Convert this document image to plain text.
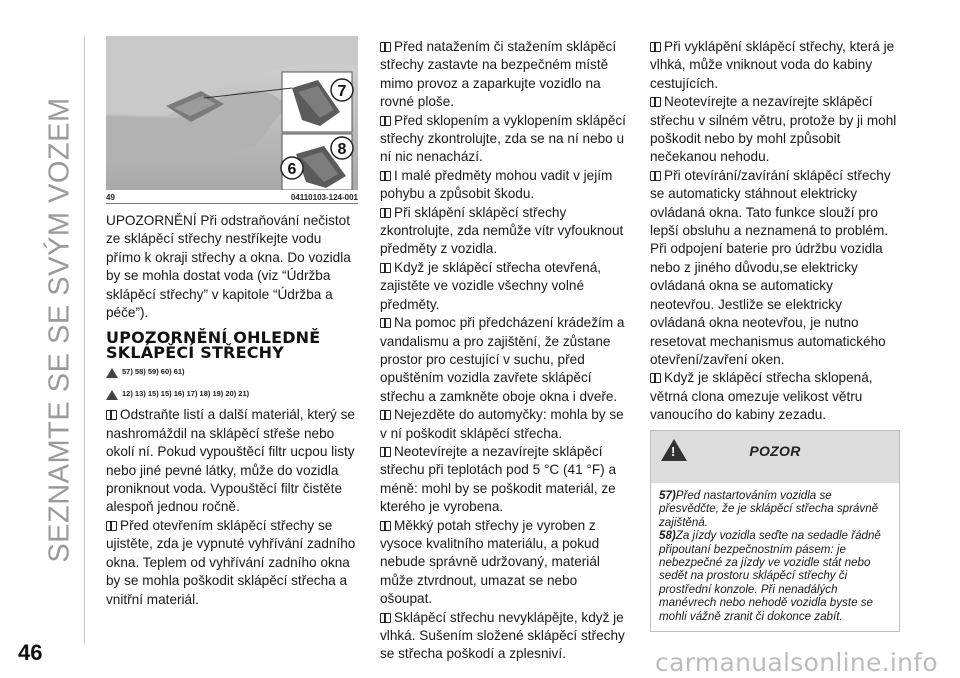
SEZNAMTE SE SE SVÝM VOZEM
7
6
8
49	04110103-124-001

UPOZORNĚNÍ Při odstraňování nečistot ze sklápěcí střechy nestříkejte vodu přímo k okraji střechy a okna. Do vozidla by se mohla dostat voda (viz “Údržba sklápěcí střechy” v kapitole “Údržba a péče”).

UPOZORNĚNÍ OHLEDNĚ SKLÁPĚCÍ STŘECHY
57) 58) 59) 60) 61)
12) 13) 15) 15) 16) 17) 18) 19) 20) 21)

Odstraňte listí a další materiál, který se nashromáždil na sklápěcí střeše nebo okolí ní. Pokud vypouštěcí filtr ucpou listy nebo jiné pevné látky, může do vozidla proniknout voda. Vypouštěcí filtr čistěte alespoň jednou ročně.

Před otevřením sklápěcí střechy se ujistěte, zda je vypnuté vyhřívání zadního okna. Teplem od vyhřívání zadního okna by se mohla poškodit sklápěcí střecha a vnitřní materiál.

Před natažením či stažením sklápěcí střechy zastavte na bezpečném místě mimo provoz a zaparkujte vozidlo na rovné ploše.

Před sklopením a vyklopením sklápěcí střechy zkontrolujte, zda se na ní nebo u ní nic nenachází.

I malé předměty mohou vadit v jejím pohybu a způsobit škodu.

Při sklápění sklápěcí střechy zkontrolujte, zda nemůže vítr vyfouknout předměty z vozidla.

Když je sklápěcí střecha otevřená, zajistěte ve vozidle všechny volné předměty.

Na pomoc při předcházení krádežím a vandalismu a pro zajištění, že zůstane prostor pro cestující v suchu, před opuštěním vozidla zavřete sklápěcí střechu a zamkněte oboje okna i dveře.

Nejezděte do automyčky: mohla by se v ní poškodit sklápěcí střecha.

Neotevírejte a nezavírejte sklápěcí střechu při teplotách pod 5 °C (41 °F) a méně: mohl by se poškodit materiál, ze kterého je vyrobena.

Měkký potah střechy je vyroben z vysoce kvalitního materiálu, a pokud nebude správně udržovaný, materiál může ztvrdnout, umazat se nebo ošoupat.

Sklápěcí střechu nevyklápějte, když je vlhká. Sušením složené sklápěcí střechy se střecha poškodí a zplesniví.

Při vyklápění sklápěcí střechy, která je vlhká, může vniknout voda do kabiny cestujících.

Neotevírejte a nezavírejte sklápěcí střechu v silném větru, protože by ji mohl poškodit nebo by mohl způsobit nečekanou nehodu.

Při otevírání/zavírání sklápěcí střechy se automaticky stáhnout elektricky ovládaná okna. Tato funkce slouží pro lepší obsluhu a neznamená to problém. Při odpojení baterie pro údržbu vozidla nebo z jiného důvodu,se elektricky ovládaná okna se automaticky neotevřou. Jestliže se elektricky ovládaná okna neotevřou, je nutno resetovat mechanismus automatického otevření/zavření oken.

Když je sklápěcí střecha sklopená, větrná clona omezuje velikost větru vanoucího do kabiny zezadu.

!	POZOR

57)Před nastartováním vozidla se přesvědčte, že je sklápěcí střecha správně zajištěná.

58)Za jízdy vozidla seďte na sedadle řádně připoutaní bezpečnostním pásem: je nebezpečné za jízdy ve vozidle stát nebo sedět na prostoru sklápěcí střechy či prostřední konzole. Při nenadálých manévrech nebo nehodě vozidla byste se mohli vážně zranit či dokonce zabít.

46	carmanualsonline.info
